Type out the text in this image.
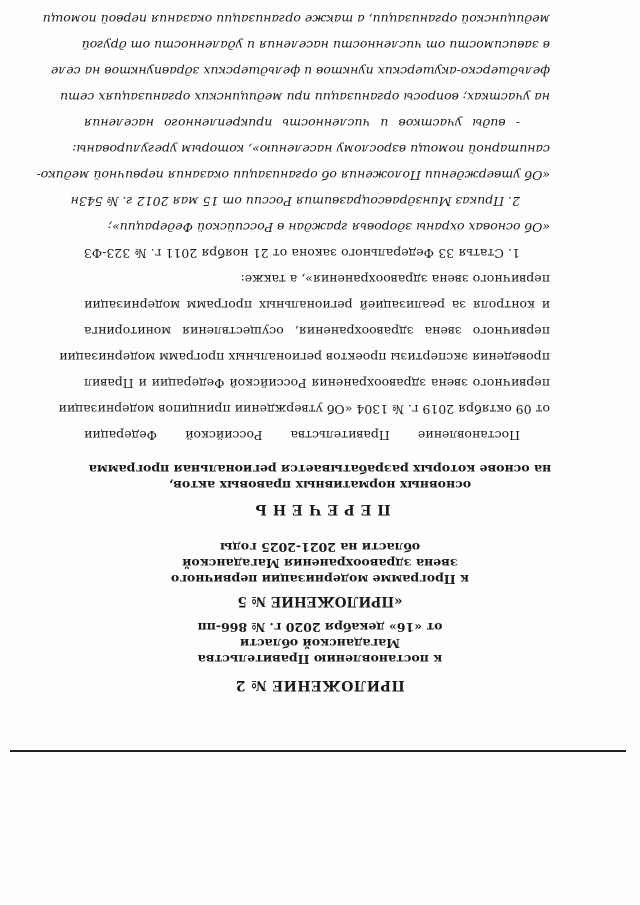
ПРИЛОЖЕНИЕ № 2
к постановлению Правительства
Магаданской области
от «16» декабря 2020 г. № 866-пп
«ПРИЛОЖЕНИЕ № 5
к Программе модернизации первичного
звена здравоохранения Магаданской
области на 2021-2025 годы
ПЕРЕЧЕНЬ
основных нормативных правовых актов,
на основе которых разрабатывается региональная программа
Постановление Правительства Российской Федерации
от 09 октября 2019 г. № 1304 «Об утверждении принципов модернизации
первичного звена здравоохранения Российской Федерации и Правил
проведения экспертизы проектов региональных программ модернизации
первичного звена здравоохранения, осуществления мониторинга
и контроля за реализацией региональных программ модернизации
первичного звена здравоохранения», а также:
1. Статья 33 Федерального закона от 21 ноября 2011 г. № 323-ФЗ
«Об основах охраны здоровья граждан в Российской Федерации»;
2. Приказ Минздравсоцразвития России от 15 мая 2012 г. № 543н
«Об утверждении Положения об организации оказания первичной медико-
санитарной помощи взрослому населению», которым урегулированы:
- виды участков и численность прикрепленного населения
на участках; вопросы организации при медицинских организациях сети
фельдшерско-акушерских пунктов и фельдшерских здравпунктов на селе
в зависимости от численности населения и удаленности от другой
медицинской организации, а также организации оказания первой помощи
